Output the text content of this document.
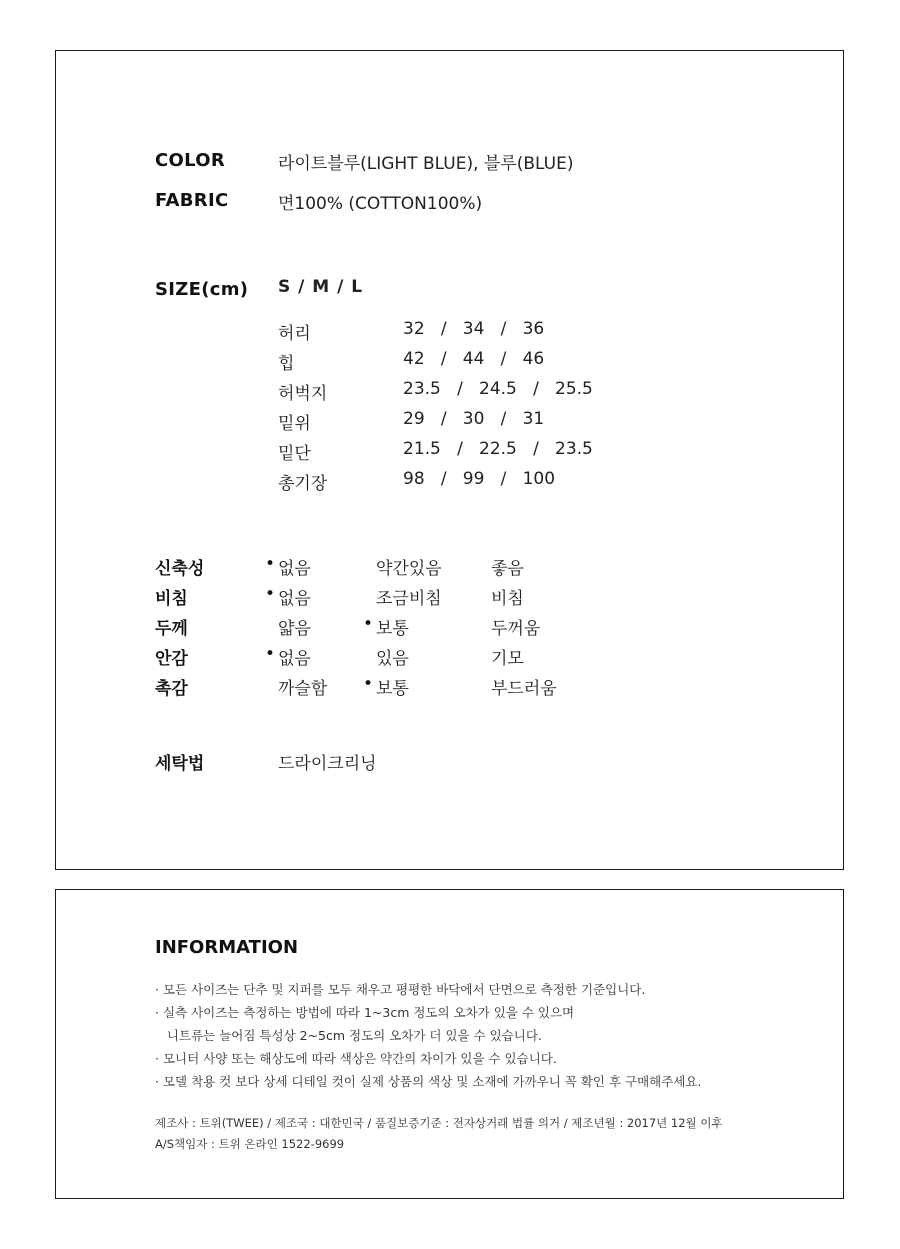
COLOR	라이트블루(LIGHT BLUE), 블루(BLUE)
FABRIC	면100% (COTTON100%)
SIZE(cm) S / M / L
허리	32   /   34   /   36
힙	42   /   44   /   46
허벅지	23.5   /   24.5   /   25.5
밑위	29   /   30   /   31
밑단	21.5   /   22.5   /   23.5
총기장	98   /   99   /   100
신축성	• 없음	약간있음	좋음
비침	• 없음	조금비침	비침
두께	얇음	• 보통	두꺼움
안감	• 없음	있음	기모
촉감	까슬함	• 보통	부드러움
세탁법	드라이크리닝
INFORMATION
· 모든 사이즈는 단추 및 지퍼를 모두 채우고 평평한 바닥에서 단면으로 측정한 기준입니다.
· 실측 사이즈는 측정하는 방법에 따라 1~3cm 정도의 오차가 있을 수 있으며
니트류는 늘어짐 특성상 2~5cm 정도의 오차가 더 있을 수 있습니다.
· 모니터 사양 또는 해상도에 따라 색상은 약간의 차이가 있을 수 있습니다.
· 모델 착용 컷 보다 상세 디테일 컷이 실제 상품의 색상 및 소재에 가까우니 꼭 확인 후 구매해주세요.
제조사 : 트위(TWEE) / 제조국 : 대한민국 / 품질보증기준 : 전자상거래 법률 의거 / 제조년월 : 2017년 12월 이후
A/S책임자 : 트위 온라인 1522-9699
